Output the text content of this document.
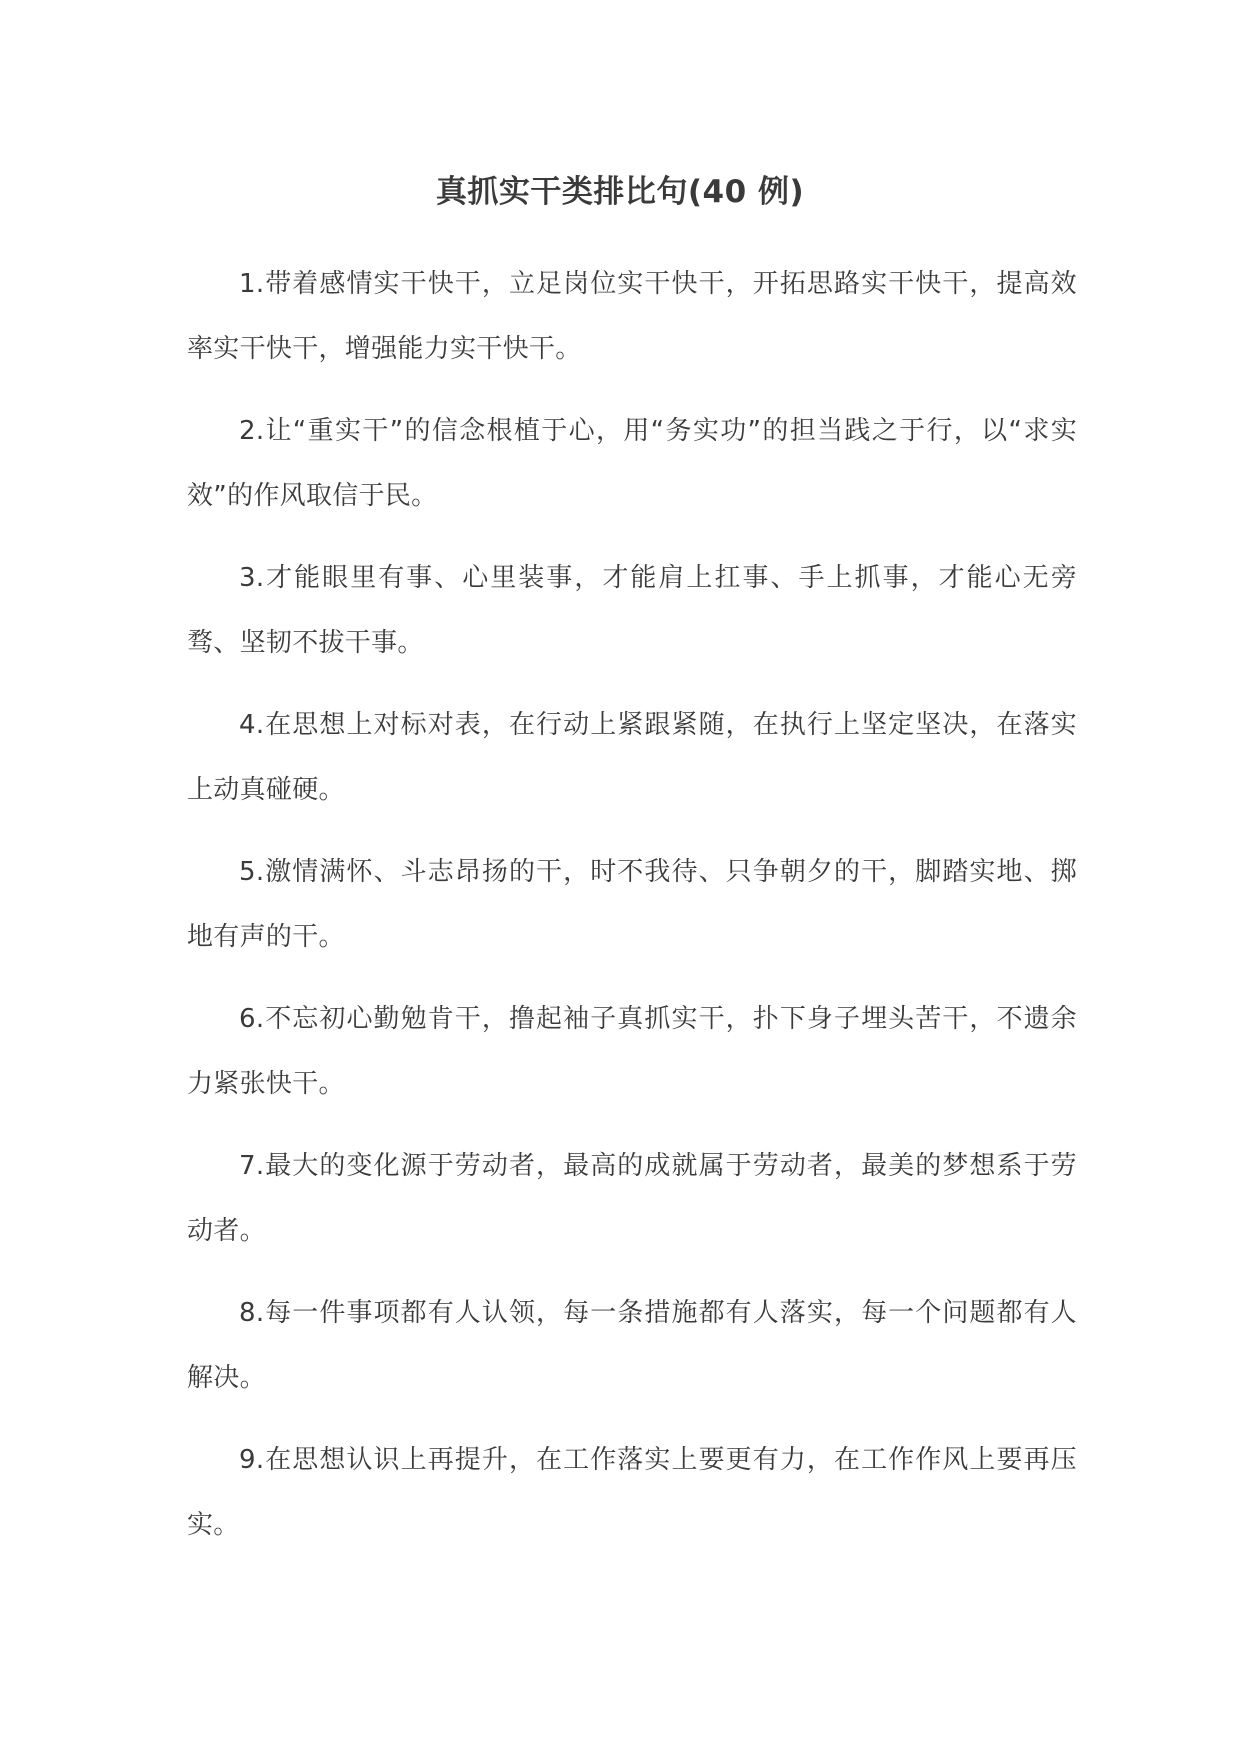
真抓实干类排比句(40 例)

1.带着感情实干快干，立足岗位实干快干，开拓思路实干快干，提高效率实干快干，增强能力实干快干。

2.让“重实干”的信念根植于心，用“务实功”的担当践之于行，以“求实效”的作风取信于民。

3.才能眼里有事、心里装事，才能肩上扛事、手上抓事，才能心无旁骛、坚韧不拔干事。

4.在思想上对标对表，在行动上紧跟紧随，在执行上坚定坚决，在落实上动真碰硬。

5.激情满怀、斗志昂扬的干，时不我待、只争朝夕的干，脚踏实地、掷地有声的干。

6.不忘初心勤勉肯干，撸起袖子真抓实干，扑下身子埋头苦干，不遗余力紧张快干。

7.最大的变化源于劳动者，最高的成就属于劳动者，最美的梦想系于劳动者。

8.每一件事项都有人认领，每一条措施都有人落实，每一个问题都有人解决。

9.在思想认识上再提升，在工作落实上要更有力，在工作作风上要再压实。
